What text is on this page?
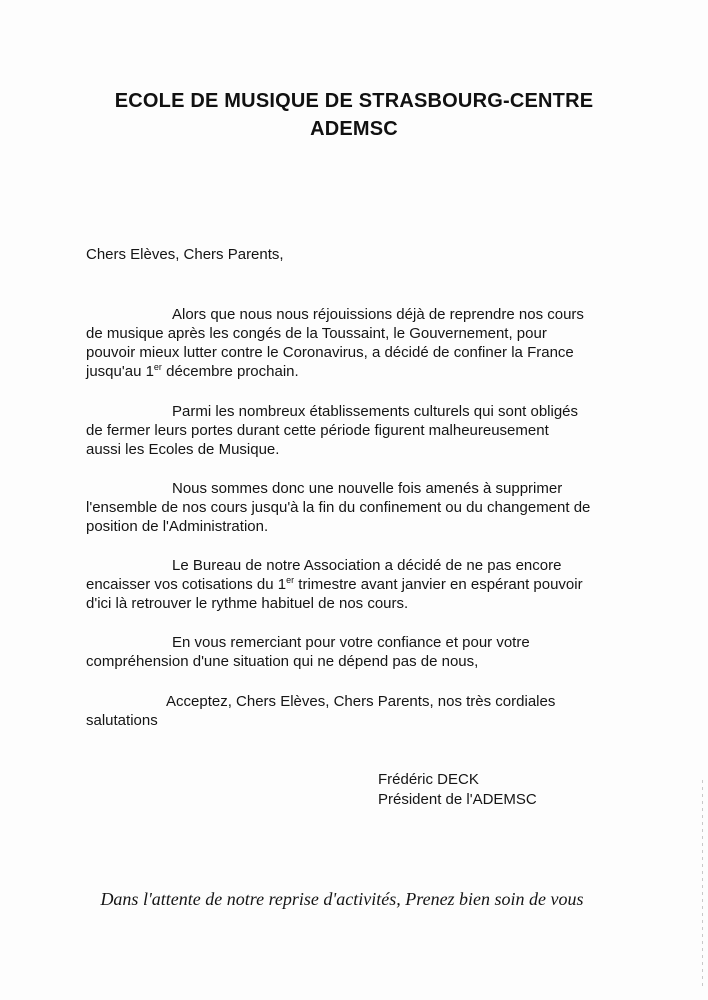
ECOLE DE MUSIQUE DE STRASBOURG-CENTRE
ADEMSC
Chers Elèves, Chers Parents,
Alors que nous nous réjouissions déjà de reprendre nos cours
de musique après les congés de la Toussaint, le Gouvernement, pour
pouvoir mieux lutter contre le Coronavirus, a décidé de confiner la France
jusqu'au 1er décembre prochain.
Parmi les nombreux établissements culturels qui sont obligés
de fermer leurs portes durant cette période figurent malheureusement
aussi les Ecoles de Musique.
Nous sommes donc une nouvelle fois amenés à supprimer
l'ensemble de nos cours jusqu'à la fin du confinement ou du changement de
position de l'Administration.
Le Bureau de notre Association a décidé de ne pas encore
encaisser vos cotisations du 1er trimestre avant janvier en espérant pouvoir
d'ici là retrouver le rythme habituel de nos cours.
En vous remerciant pour votre confiance et pour votre
compréhension d'une situation qui ne dépend pas de nous,
Acceptez, Chers Elèves, Chers Parents, nos très cordiales
salutations
Frédéric DECK
Président de l'ADEMSC
Dans l'attente de notre reprise d'activités, Prenez bien soin de vous
